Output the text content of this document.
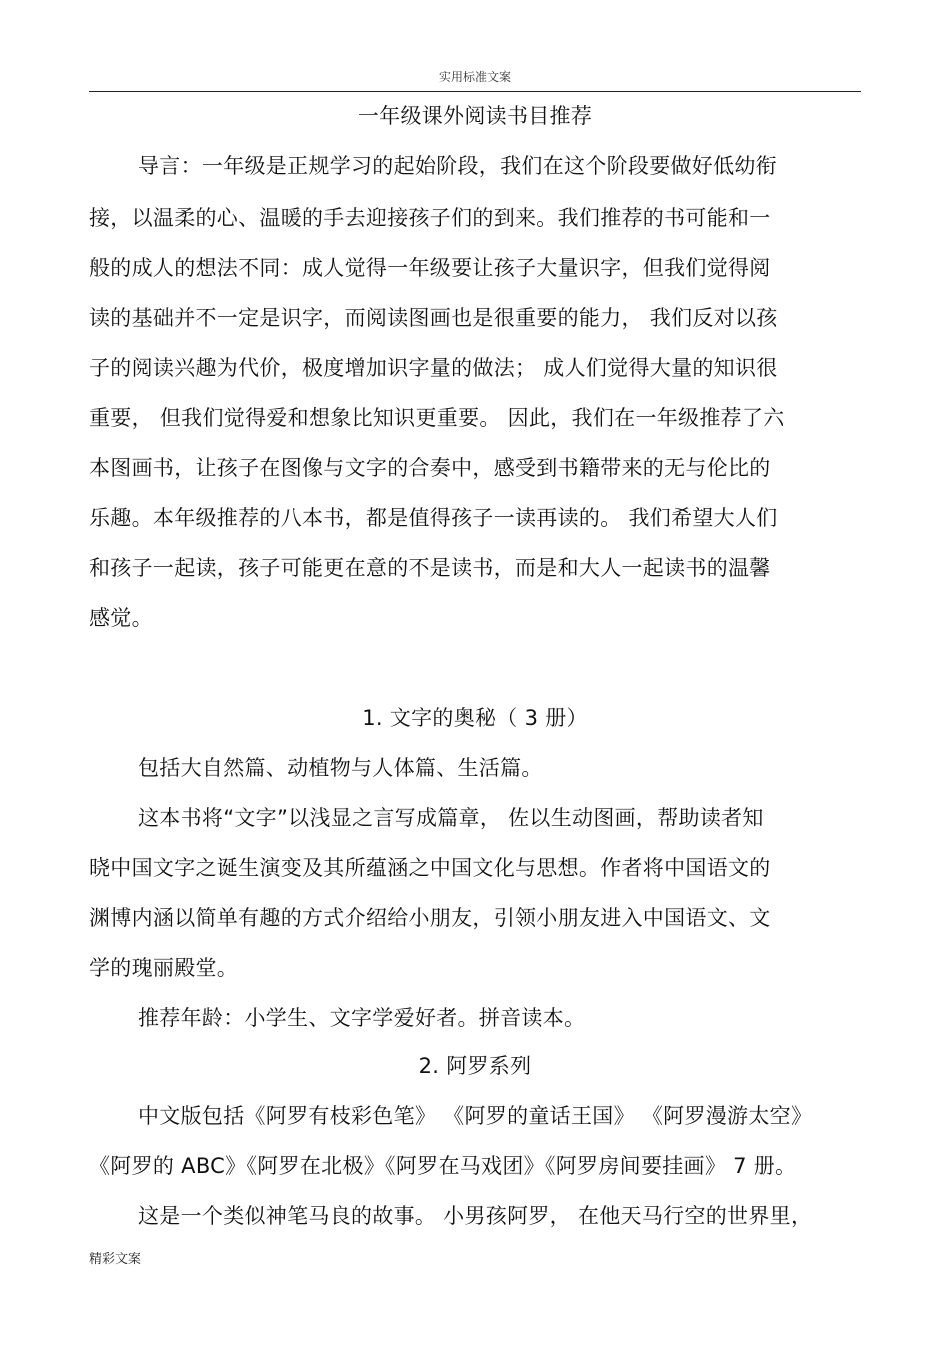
实用标准文案
一年级课外阅读书目推荐
导言：一年级是正规学习的起始阶段，我们在这个阶段要做好低幼衔
接，以温柔的心、温暖的手去迎接孩子们的到来。我们推荐的书可能和一
般的成人的想法不同：成人觉得一年级要让孩子大量识字，但我们觉得阅
读的基础并不一定是识字，而阅读图画也是很重要的能力， 我们反对以孩
子的阅读兴趣为代价，极度增加识字量的做法； 成人们觉得大量的知识很
重要， 但我们觉得爱和想象比知识更重要。 因此，我们在一年级推荐了六
本图画书，让孩子在图像与文字的合奏中，感受到书籍带来的无与伦比的
乐趣。本年级推荐的八本书，都是值得孩子一读再读的。 我们希望大人们
和孩子一起读，孩子可能更在意的不是读书，而是和大人一起读书的温馨
感觉。
1. 文字的奥秘（ 3 册）
包括大自然篇、动植物与人体篇、生活篇。
这本书将“文字”以浅显之言写成篇章， 佐以生动图画，帮助读者知
晓中国文字之诞生演变及其所蕴涵之中国文化与思想。作者将中国语文的
渊博内涵以简单有趣的方式介绍给小朋友，引领小朋友进入中国语文、文
学的瑰丽殿堂。
推荐年龄：小学生、文字学爱好者。拼音读本。
2. 阿罗系列
中文版包括《阿罗有枝彩色笔》 《阿罗的童话王国》 《阿罗漫游太空》
《阿罗的 ABC》《阿罗在北极》《阿罗在马戏团》《阿罗房间要挂画》 7 册。
这是一个类似神笔马良的故事。 小男孩阿罗， 在他天马行空的世界里，
精彩文案
